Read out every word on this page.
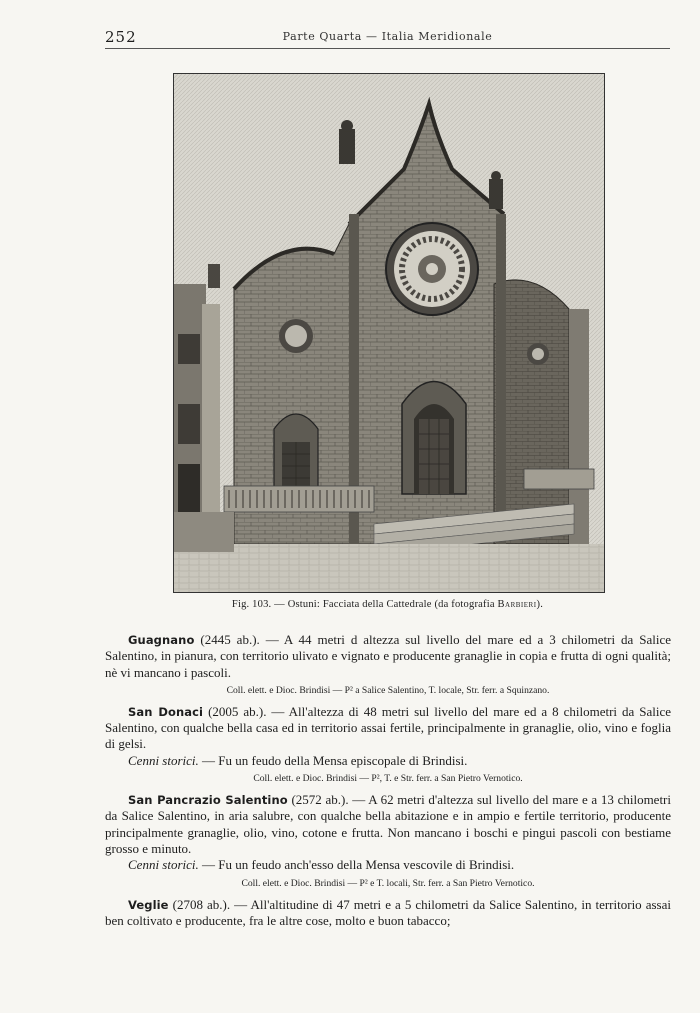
252	Parte Quarta — Italia Meridionale
Fig. 103. — Ostuni: Facciata della Cattedrale (da fotografia Barbieri).

Guagnano (2445 ab.). — A 44 metri d altezza sul livello del mare ed a 3 chilometri da Salice Salentino, in pianura, con territorio ulivato e vignato e producente granaglie in copia e frutta di ogni qualità; nè vi mancano i pascoli.

Coll. elett. e Dioc. Brindisi — P² a Salice Salentino, T. locale, Str. ferr. a Squinzano.

San Donaci (2005 ab.). — All'altezza di 48 metri sul livello del mare ed a 8 chilometri da Salice Salentino, con qualche bella casa ed in territorio assai fertile, principalmente in granaglie, olio, vino e foglia di gelsi.

Cenni storici. — Fu un feudo della Mensa episcopale di Brindisi.

Coll. elett. e Dioc. Brindisi — P², T. e Str. ferr. a San Pietro Vernotico.

San Pancrazio Salentino (2572 ab.). — A 62 metri d'altezza sul livello del mare e a 13 chilometri da Salice Salentino, in aria salubre, con qualche bella abitazione e in ampio e fertile territorio, producente principalmente granaglie, olio, vino, cotone e frutta. Non mancano i boschi e pingui pascoli con bestiame grosso e minuto.

Cenni storici. — Fu un feudo anch'esso della Mensa vescovile di Brindisi.

Coll. elett. e Dioc. Brindisi — P² e T. locali, Str. ferr. a San Pietro Vernotico.

Veglie (2708 ab.). — All'altitudine di 47 metri e a 5 chilometri da Salice Salentino, in territorio assai ben coltivato e producente, fra le altre cose, molto e buon tabacco;
